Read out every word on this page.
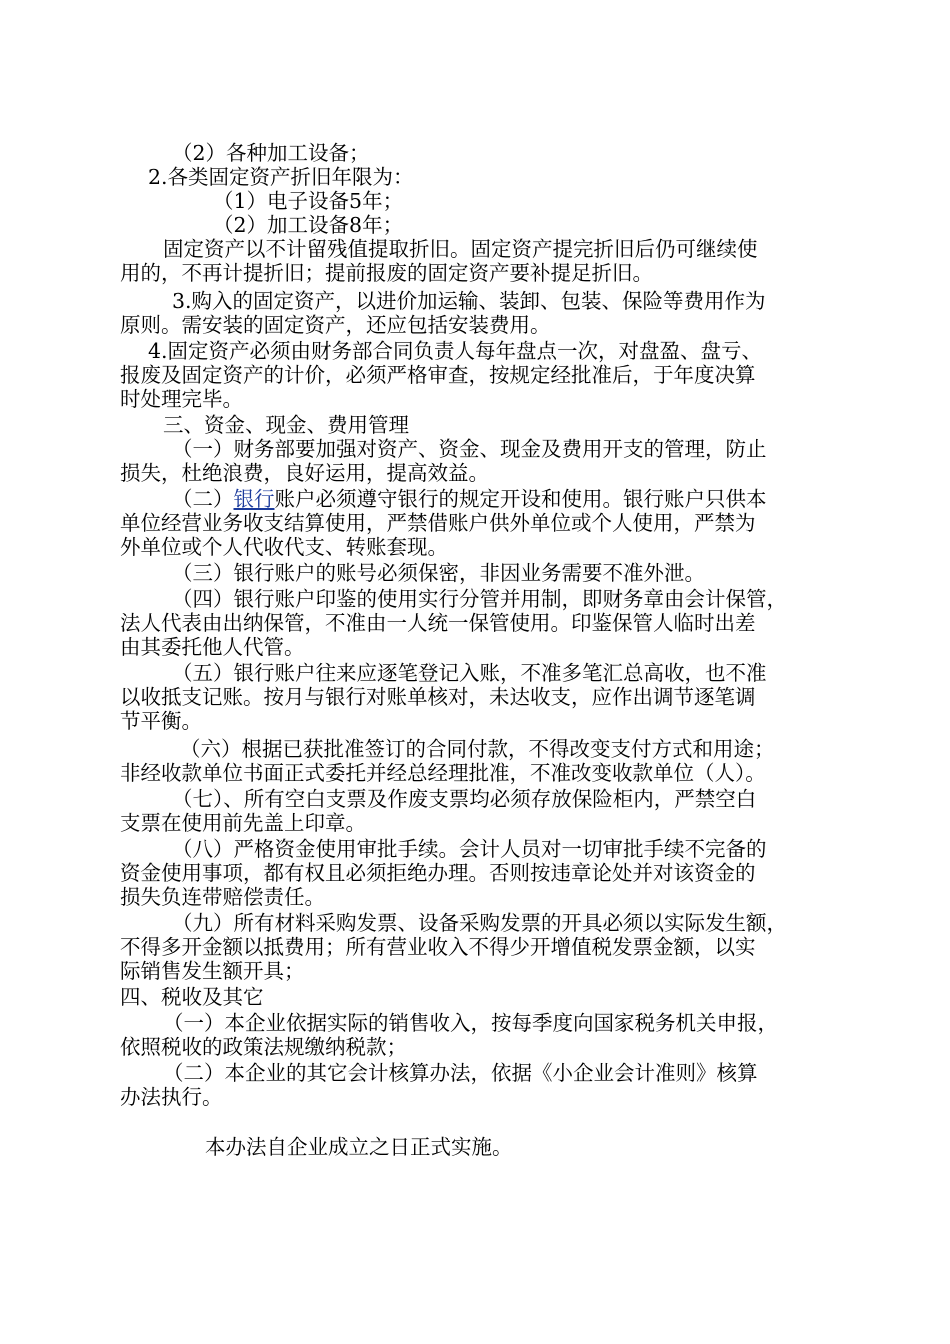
（2）各种加工设备；
2.各类固定资产折旧年限为：
（1）电子设备5年；
（2）加工设备8年；
固定资产以不计留残值提取折旧。固定资产提完折旧后仍可继续使
用的，不再计提折旧；提前报废的固定资产要补提足折旧。
3.购入的固定资产，以进价加运输、装卸、包装、保险等费用作为
原则。需安装的固定资产，还应包括安装费用。
4.固定资产必须由财务部合同负责人每年盘点一次，对盘盈、盘亏、
报废及固定资产的计价，必须严格审查，按规定经批准后，于年度决算
时处理完毕。
三、资金、现金、费用管理
（一）财务部要加强对资产、资金、现金及费用开支的管理，防止
损失，杜绝浪费，良好运用，提高效益。
（二）银行账户必须遵守银行的规定开设和使用。银行账户只供本
单位经营业务收支结算使用，严禁借账户供外单位或个人使用，严禁为
外单位或个人代收代支、转账套现。
（三）银行账户的账号必须保密，非因业务需要不准外泄。
（四）银行账户印鉴的使用实行分管并用制，即财务章由会计保管，
法人代表由出纳保管，不准由一人统一保管使用。印鉴保管人临时出差
由其委托他人代管。
（五）银行账户往来应逐笔登记入账，不准多笔汇总高收，也不准
以收抵支记账。按月与银行对账单核对，未达收支，应作出调节逐笔调
节平衡。
（六）根据已获批准签订的合同付款，不得改变支付方式和用途；
非经收款单位书面正式委托并经总经理批准，不准改变收款单位（人）。
（七）、所有空白支票及作废支票均必须存放保险柜内，严禁空白
支票在使用前先盖上印章。
（八）严格资金使用审批手续。会计人员对一切审批手续不完备的
资金使用事项，都有权且必须拒绝办理。否则按违章论处并对该资金的
损失负连带赔偿责任。
（九）所有材料采购发票、设备采购发票的开具必须以实际发生额，
不得多开金额以抵费用；所有营业收入不得少开增值税发票金额，以实
际销售发生额开具；
四、税收及其它
（一）本企业依据实际的销售收入，按每季度向国家税务机关申报，
依照税收的政策法规缴纳税款；
（二）本企业的其它会计核算办法，依据《小企业会计准则》核算
办法执行。
本办法自企业成立之日正式实施。
